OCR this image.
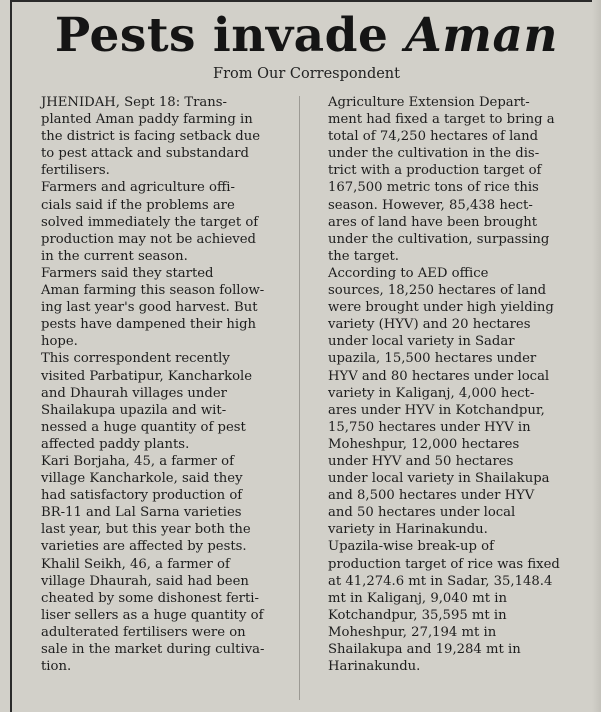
Pests invade Aman
From Our Correspondent

JHENIDAH, Sept 18: Trans-
planted Aman paddy farming in
the district is facing setback due
to pest attack and substandard
fertilisers.

Farmers and agriculture offi-
cials said if the problems are
solved immediately the target of
production may not be achieved
in the current season.

Farmers said they started
Aman farming this season follow-
ing last year's good harvest. But
pests have dampened their high
hope.

This correspondent recently
visited Parbatipur, Kancharkole
and Dhaurah villages under
Shailakupa upazila and wit-
nessed a huge quantity of pest
affected paddy plants.

Kari Borjaha, 45, a farmer of
village Kancharkole, said they
had satisfactory production of
BR-11 and Lal Sarna varieties
last year, but this year both the
varieties are affected by pests.

Khalil Seikh, 46, a farmer of
village Dhaurah, said had been
cheated by some dishonest ferti-
liser sellers as a huge quantity of
adulterated fertilisers were on
sale in the market during cultiva-
tion.

Agriculture Extension Depart-
ment had fixed a target to bring a
total of 74,250 hectares of land
under the cultivation in the dis-
trict with a production target of
167,500 metric tons of rice this
season. However, 85,438 hect-
ares of land have been brought
under the cultivation, surpassing
the target.

According to AED office
sources, 18,250 hectares of land
were brought under high yielding
variety (HYV) and 20 hectares
under local variety in Sadar
upazila, 15,500 hectares under
HYV and 80 hectares under local
variety in Kaliganj, 4,000 hect-
ares under HYV in Kotchandpur,
15,750 hectares under HYV in
Moheshpur, 12,000 hectares
under HYV and 50 hectares
under local variety in Shailakupa
and 8,500 hectares under HYV
and 50 hectares under local
variety in Harinakundu.

Upazila-wise break-up of
production target of rice was fixed
at 41,274.6 mt in Sadar, 35,148.4
mt in Kaliganj, 9,040 mt in
Kotchandpur, 35,595 mt in
Moheshpur, 27,194 mt in
Shailakupa and 19,284 mt in
Harinakundu.
